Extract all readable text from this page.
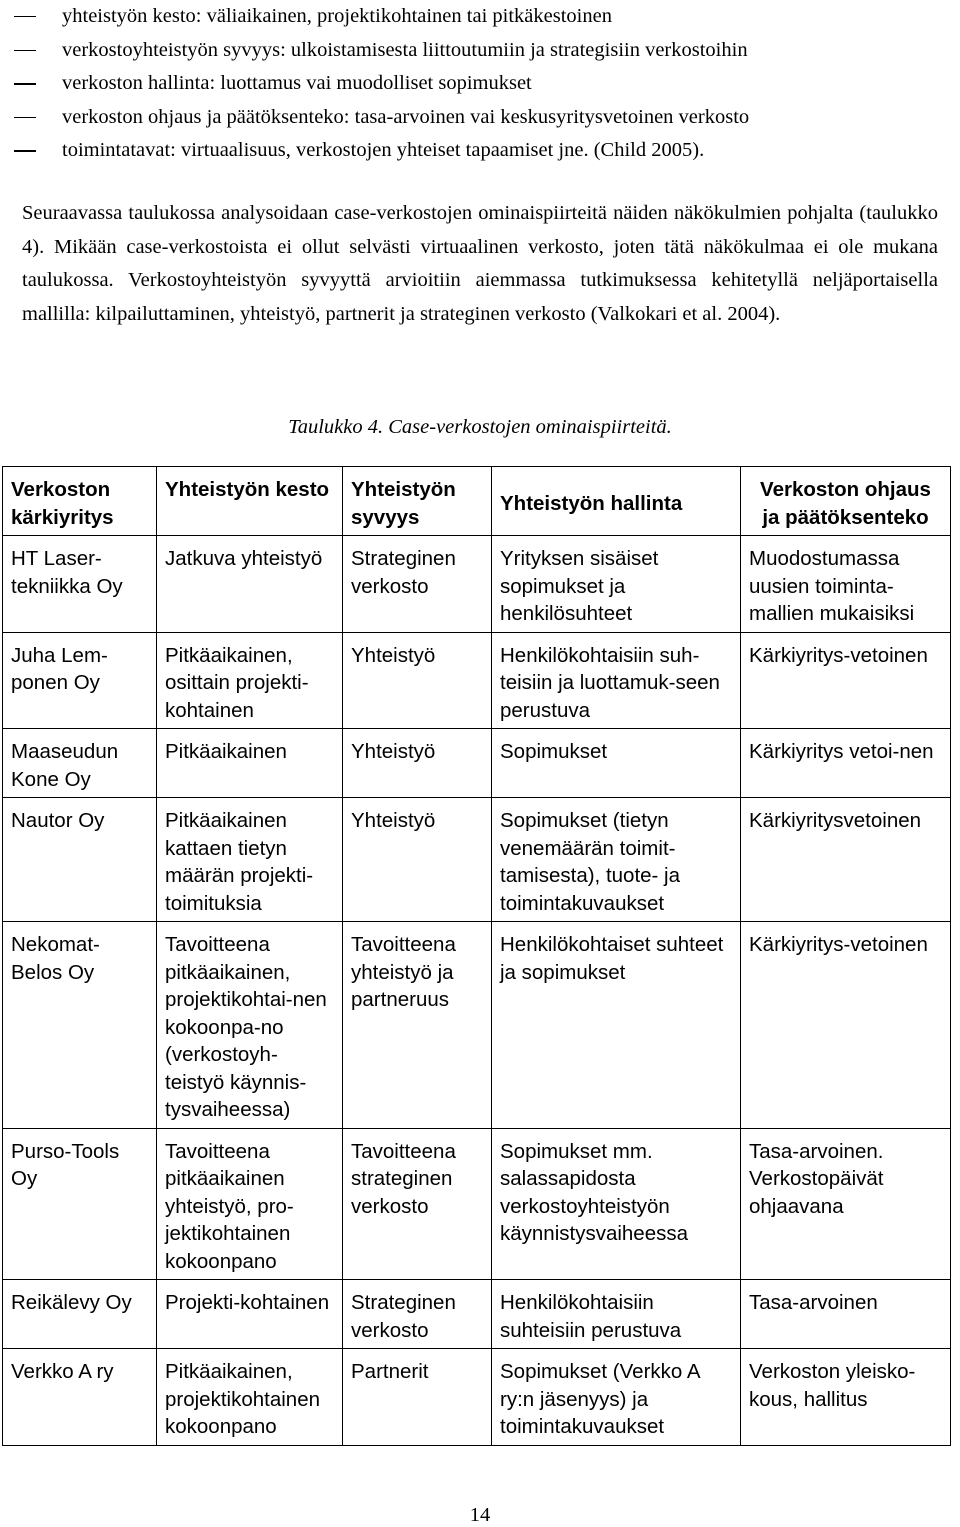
yhteistyön kesto: väliaikainen, projektikohtainen tai pitkäkestoinen
verkostoyhteistyön syvyys: ulkoistamisesta liittoutumiin ja strategisiin verkostoihin
verkoston hallinta: luottamus vai muodolliset sopimukset
verkoston ohjaus ja päätöksenteko: tasa-arvoinen vai keskusyritysvetoinen verkosto
toimintatavat: virtuaalisuus, verkostojen yhteiset tapaamiset jne. (Child 2005).

Seuraavassa taulukossa analysoidaan case-verkostojen ominaispiirteitä näiden näkökulmien pohjalta (taulukko 4). Mikään case-verkostoista ei ollut selvästi virtuaalinen verkosto, joten tätä näkökulmaa ei ole mukana taulukossa. Verkostoyhteistyön syvyyttä arvioitiin aiemmassa tutkimuksessa kehitetyllä neljäportaisella mallilla: kilpailuttaminen, yhteistyö, partnerit ja strateginen verkosto (Valkokari et al. 2004).

Taulukko 4. Case-verkostojen ominaispiirteitä.
Verkoston kärkiyritys	Yhteistyön kesto	Yhteistyön syvyys	Yhteistyön hallinta	Verkoston ohjaus ja päätöksenteko
HT Laser-tekniikka Oy	Jatkuva yhteistyö	Strateginen verkosto	Yrityksen sisäiset sopimukset ja henkilösuhteet	Muodostumassa uusien toiminta-mallien mukaisiksi
Juha Lem-ponen Oy	Pitkäaikainen, osittain projekti-kohtainen	Yhteistyö	Henkilökohtaisiin suh-teisiin ja luottamuk-seen perustuva	Kärkiyritys-vetoinen
Maaseudun Kone Oy	Pitkäaikainen	Yhteistyö	Sopimukset	Kärkiyritys vetoi-nen
Nautor Oy	Pitkäaikainen kattaen tietyn määrän projekti-toimituksia	Yhteistyö	Sopimukset (tietyn venemäärän toimit-tamisesta), tuote- ja toimintakuvaukset	Kärkiyritysvetoinen
Nekomat-Belos Oy	Tavoitteena pitkäaikainen, projektikohtai-nen kokoonpa-no (verkostoyh-teistyö käynnis-tysvaiheessa)	Tavoitteena yhteistyö ja partneruus	Henkilökohtaiset suhteet ja sopimukset	Kärkiyritys-vetoinen
Purso-Tools Oy	Tavoitteena pitkäaikainen yhteistyö, pro-jektikohtainen kokoonpano	Tavoitteena strateginen verkosto	Sopimukset mm. salassapidosta verkostoyhteistyön käynnistysvaiheessa	Tasa-arvoinen. Verkostopäivät ohjaavana
Reikälevy Oy	Projekti-kohtainen	Strateginen verkosto	Henkilökohtaisiin suhteisiin perustuva	Tasa-arvoinen
Verkko A ry	Pitkäaikainen, projektikohtainen kokoonpano	Partnerit	Sopimukset (Verkko A ry:n jäsenyys) ja toimintakuvaukset	Verkoston yleisko-kous, hallitus
14
